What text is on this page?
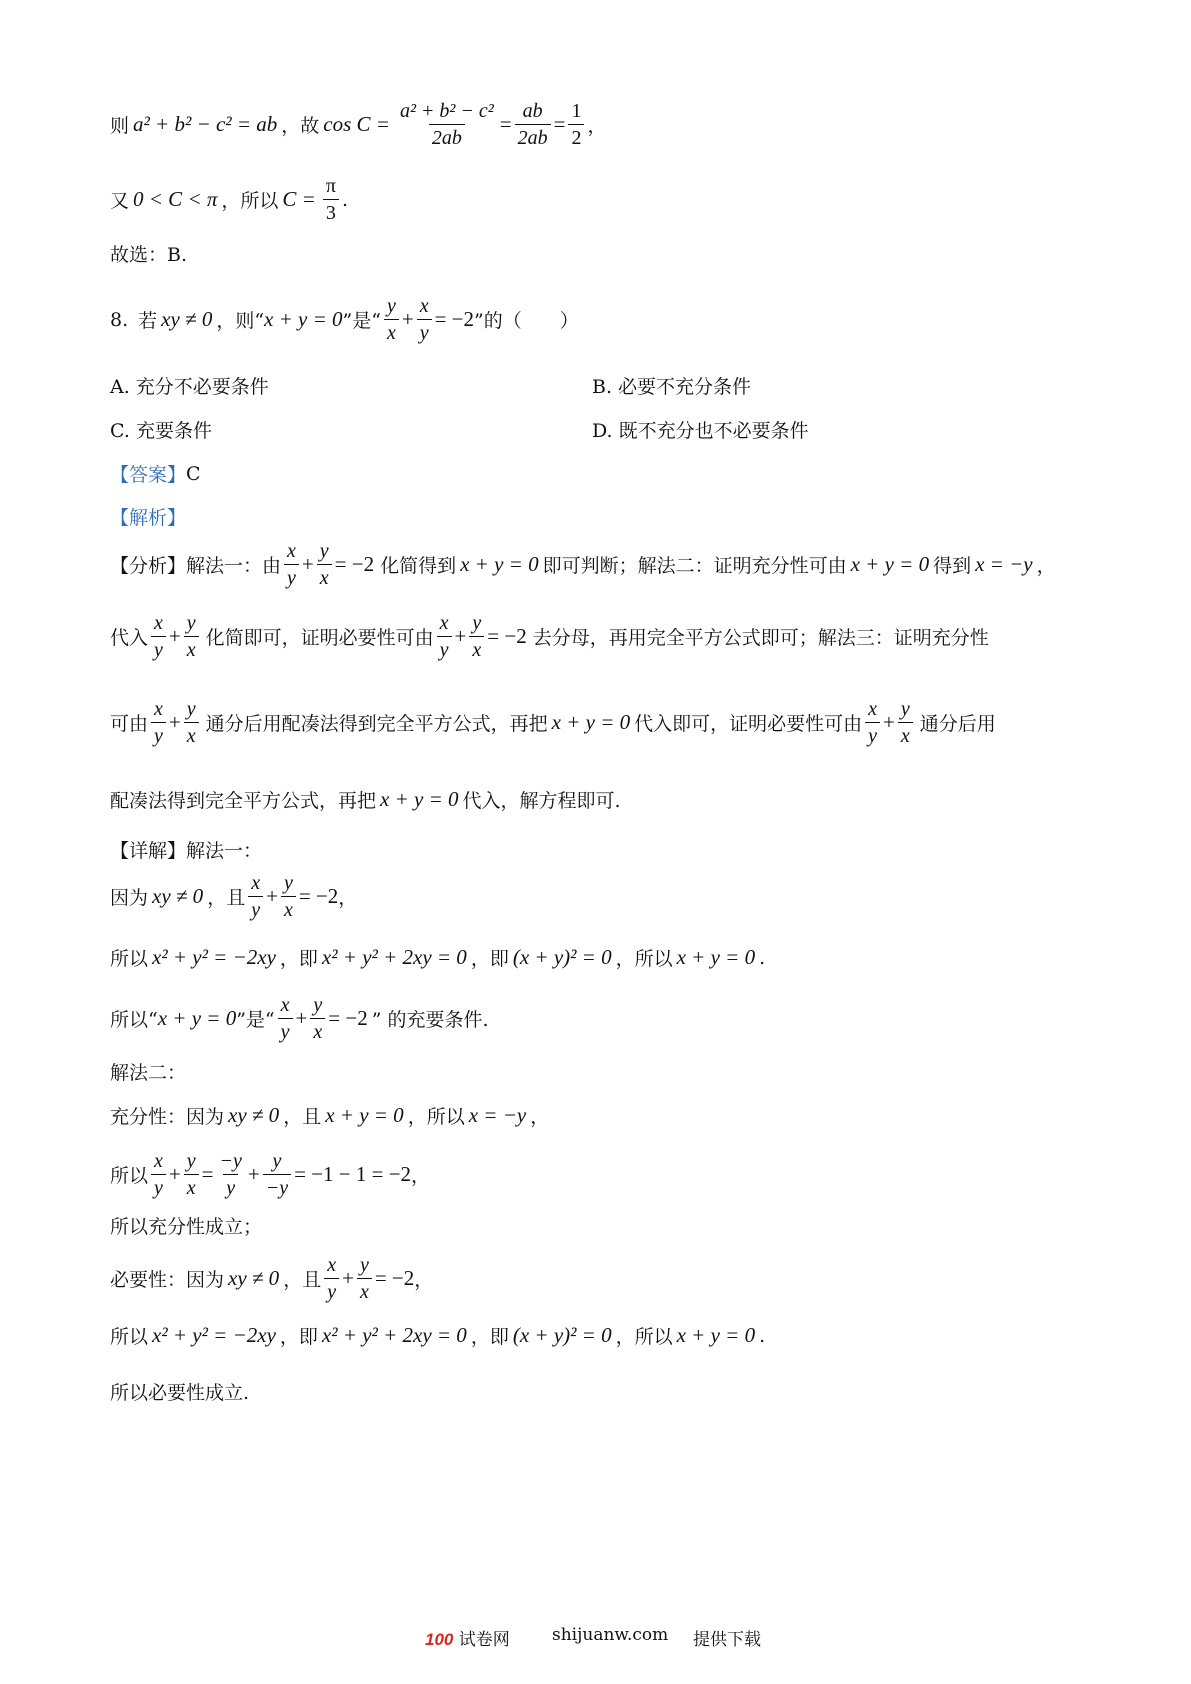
则 a² + b² − c² = ab ，故 $\cos C = \frac{\text{a² + b² − c²}}{2ab} = \frac{ab}{2ab} = \frac{1}{2}$ ，
又 0 < C < π ，所以 $C = \frac{\pi}{3}$ .
故选：B.
8. 若 xy ≠ 0 ，则“ x + y = 0 ”是“ $\frac{y}{x} + \frac{x}{y} = -2$ ”的（　　）
A. 充分不必要条件	B. 必要不充分条件
C. 充要条件	D. 既不充分也不必要条件
【答案】 C
【解析】
【分析】解法一：由 $\frac{x}{y} + \frac{y}{x} = -2$ 化简得到 x + y = 0 即可判断；解法二：证明充分性可由 x + y = 0 得到 x = −y ，
代入 $\frac{x}{y} + \frac{y}{x}$ 化简即可，证明必要性可由 $\frac{x}{y} + \frac{y}{x} = -2$ 去分母，再用完全平方公式即可；解法三：证明充分性
可由 $\frac{x}{y} + \frac{y}{x}$ 通分后用配凑法得到完全平方公式，再把 x + y = 0 代入即可，证明必要性可由 $\frac{x}{y} + \frac{y}{x}$ 通分后用
配凑法得到完全平方公式，再把 x + y = 0 代入，解方程即可.
【详解】解法一：
因为 xy ≠ 0 ，且 $\frac{x}{y} + \frac{y}{x} = -2$ ，
所以 x² + y² = −2xy ，即 x² + y² + 2xy = 0 ，即 (x + y)² = 0 ，所以 x + y = 0 .
所以“ x + y = 0 ”是“ $\frac{x}{y} + \frac{y}{x} = -2$ ” 的充要条件.
解法二：
充分性：因为 xy ≠ 0 ，且 x + y = 0 ，所以 x = −y ，
所以 $\frac{x}{y} + \frac{y}{x} = \frac{-y}{y} + \frac{y}{-y} = -1 - 1 = -2$ ，
所以充分性成立；
必要性：因为 xy ≠ 0 ，且 $\frac{x}{y} + \frac{y}{x} = -2$ ，
所以 x² + y² = −2xy ，即 x² + y² + 2xy = 0 ，即 (x + y)² = 0 ，所以 x + y = 0 .
所以必要性成立.
100 试卷网 shijuanw.com 提供下载
